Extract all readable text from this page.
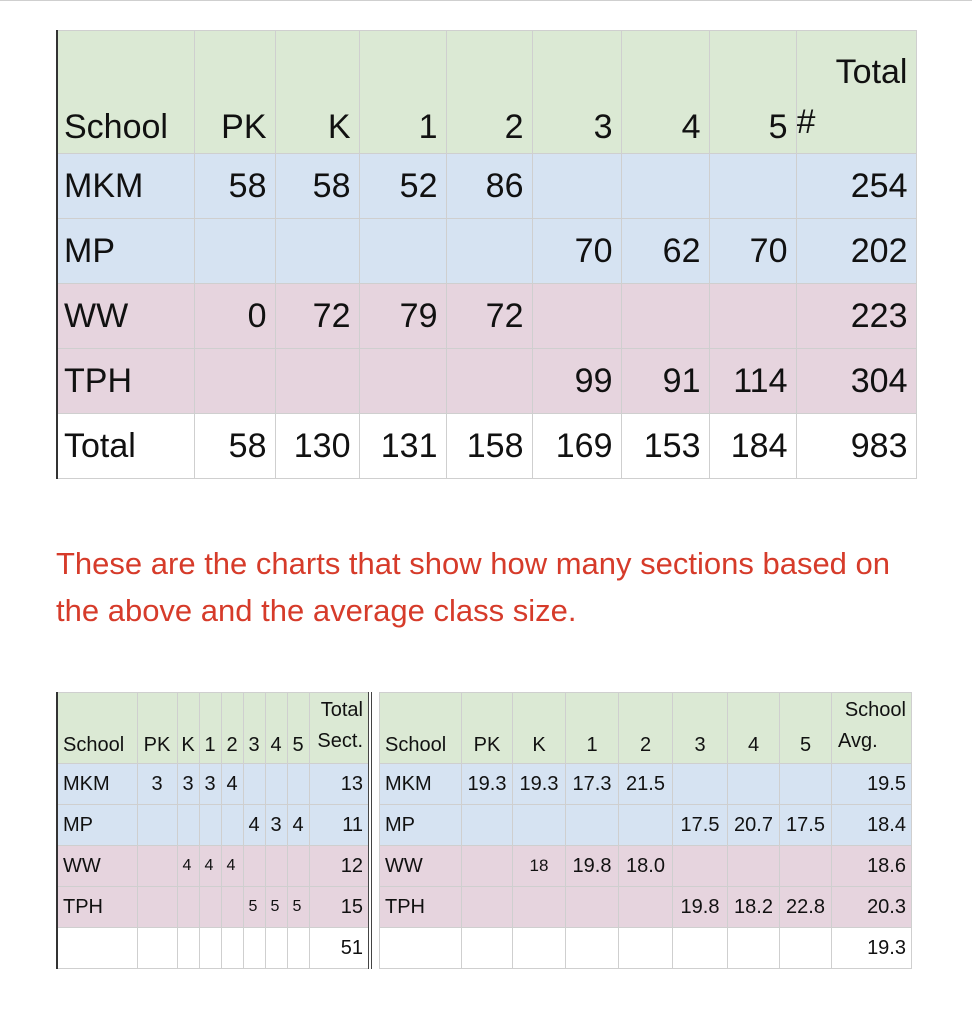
School	PK	K	1	2	3	4	5	Total
#

MKM	58	58	52	86				254
MP					70	62	70	202
WW	0	72	79	72				223
TPH					99	91	114	304
Total	58	130	131	158	169	153	184	983
These are the charts that show how many sections based on the above and the average class size.
School	PK	K	1	2	3	4	5	Total
Sect.

MKM	3	3	3	4				13
MP					4	3	4	11
WW		4	4	4				12
TPH					5	5	5	15
								51
School	PK	K	1	2	3	4	5	School
Avg.

MKM	19.3	19.3	17.3	21.5				19.5
MP					17.5	20.7	17.5	18.4
WW		18	19.8	18.0				18.6
TPH					19.8	18.2	22.8	20.3
								19.3
